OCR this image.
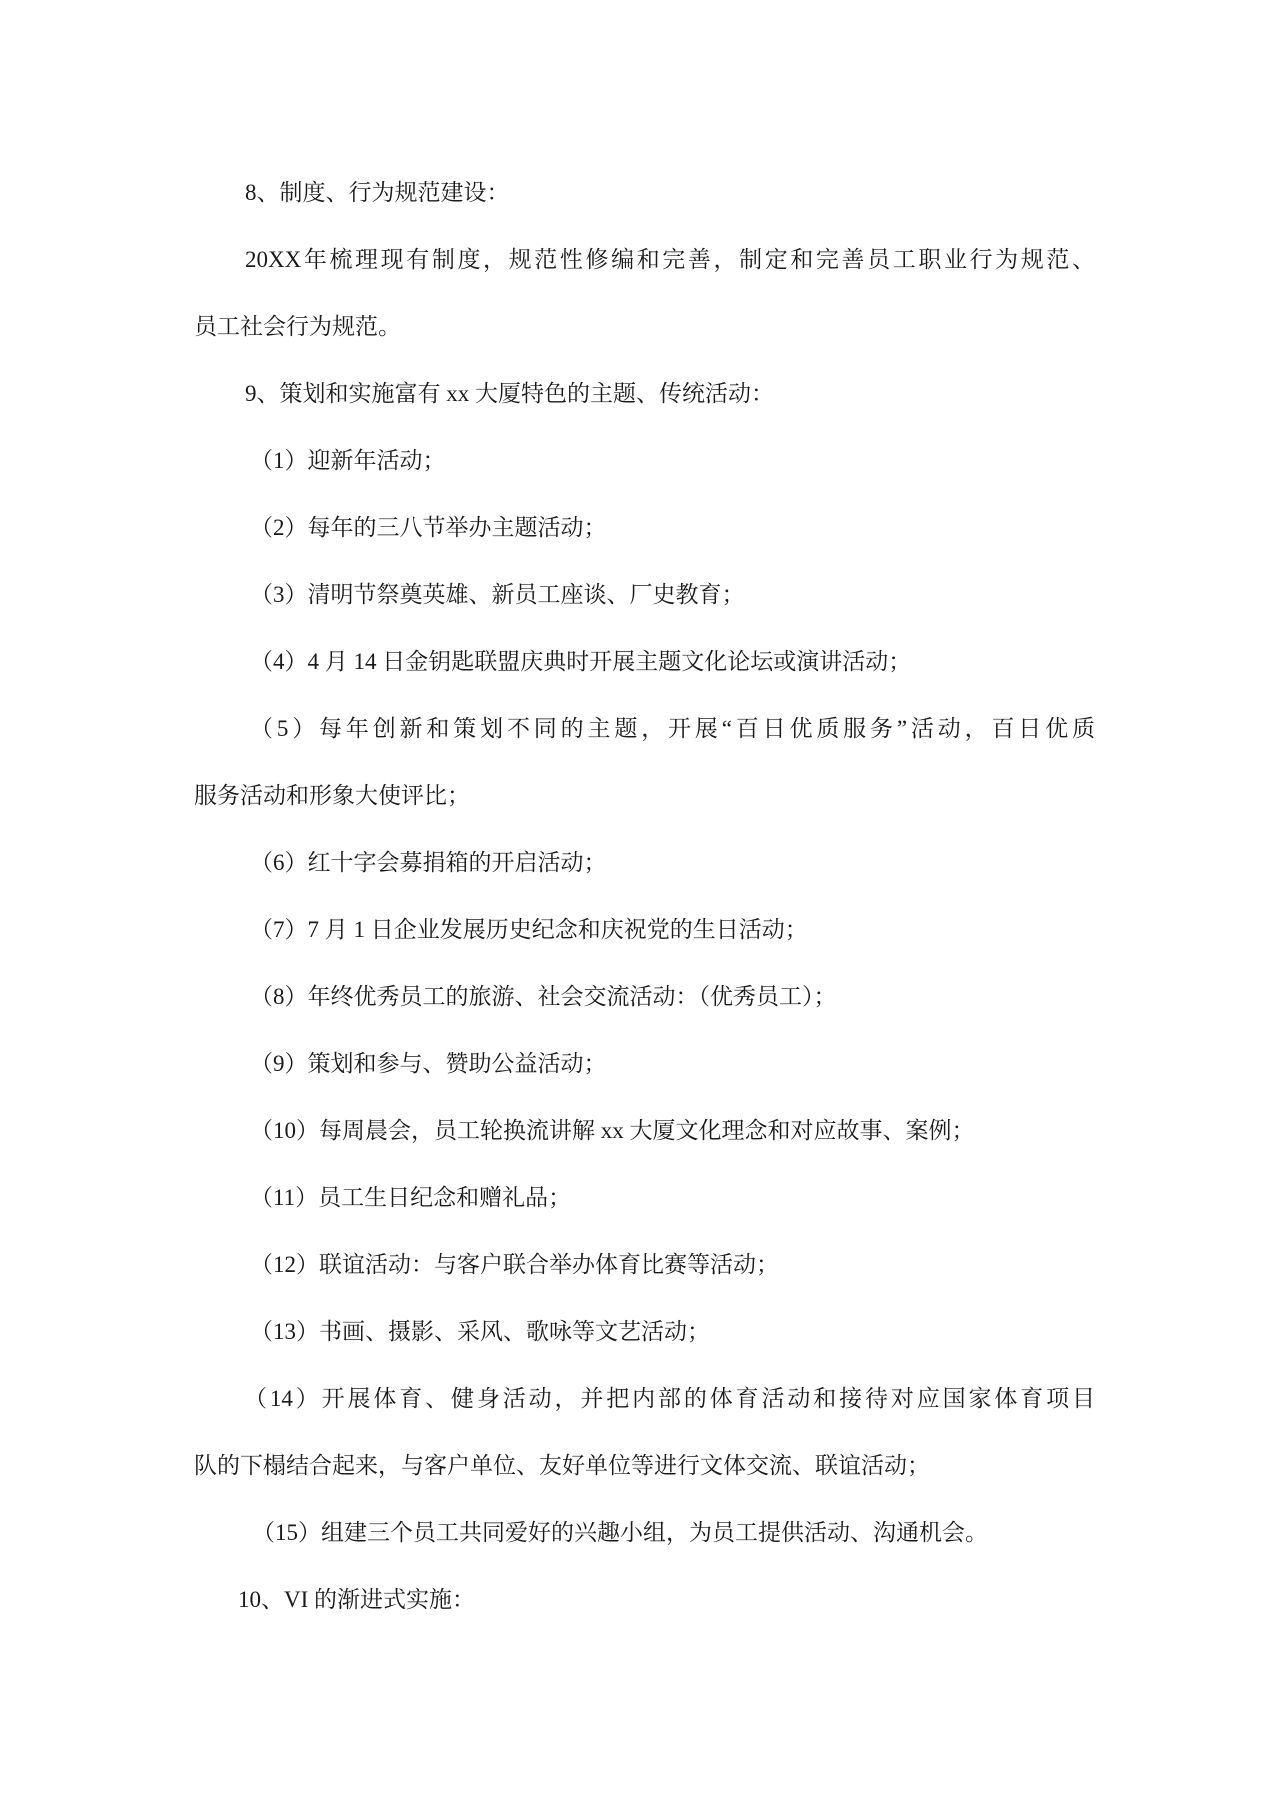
8、制度、行为规范建设：
20XX年梳理现有制度，规范性修编和完善，制定和完善员工职业行为规范、
员工社会行为规范。
9、策划和实施富有 xx 大厦特色的主题、传统活动：
（1）迎新年活动；
（2）每年的三八节举办主题活动；
（3）清明节祭奠英雄、新员工座谈、厂史教育；
（4）4 月 14 日金钥匙联盟庆典时开展主题文化论坛或演讲活动；
（5）每年创新和策划不同的主题，开展“百日优质服务”活动，百日优质
服务活动和形象大使评比；
（6）红十字会募捐箱的开启活动；
（7）7 月 1 日企业发展历史纪念和庆祝党的生日活动；
（8）年终优秀员工的旅游、社会交流活动：（优秀员工）；
（9）策划和参与、赞助公益活动；
（10）每周晨会，员工轮换流讲解 xx 大厦文化理念和对应故事、案例；
（11）员工生日纪念和赠礼品；
（12）联谊活动：与客户联合举办体育比赛等活动；
（13）书画、摄影、采风、歌咏等文艺活动；
（14）开展体育、健身活动，并把内部的体育活动和接待对应国家体育项目
队的下榻结合起来，与客户单位、友好单位等进行文体交流、联谊活动；
（15）组建三个员工共同爱好的兴趣小组，为员工提供活动、沟通机会。
10、VI 的渐进式实施：
